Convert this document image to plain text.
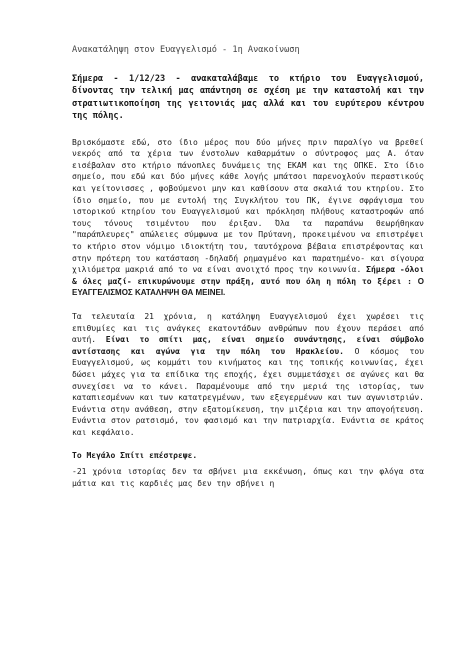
Ανακατάληψη στον Ευαγγελισμό - 1η Ανακοίνωση

Σήμερα - 1/12/23 - ανακαταλάβαμε το κτήριο του Ευαγγελισμού, δίνοντας την τελική μας απάντηση σε σχέση με την καταστολή και την στρατιωτικοποίηση της γειτονιάς μας αλλά και του ευρύτερου κέντρου της πόλης.

Βρισκόμαστε εδώ, στο ίδιο μέρος που δύο μήνες πριν παραλίγο να βρεθεί νεκρός από τα χέρια των ένστολων καθαρμάτων ο σύντροφος μας Α. όταν εισέβαλαν στο κτήριο πάνοπλες δυνάμεις της ΕΚΑΜ και της ΟΠΚΕ. Στο ίδιο σημείο, που εδώ και δύο μήνες κάθε λογής μπάτσοι παρενοχλούν περαστικούς και γείτονισσες , φοβούμενοι μην και καθίσουν στα σκαλιά του κτηρίου. Στο ίδιο σημείο, που με εντολή της Συγκλήτου του ΠΚ, έγινε σφράγισμα του ιστορικού κτηρίου του Ευαγγελισμού και πρόκληση πλήθους καταστροφών από τους τόνους τσιμέντου που έριξαν. Όλα τα παραπάνω θεωρήθηκαν "παράπλευρες" απώλειες σύμφωνα με τον Πρύτανη, προκειμένου να επιστρέψει το κτήριο στον νόμιμο ιδιοκτήτη του, ταυτόχρονα βέβαια επιστρέφοντας και στην πρότερη του κατάσταση -δηλαδή ρημαγμένο και παρατημένο- και σίγουρα χιλιόμετρα μακριά από το να είναι ανοιχτό προς την κοινωνία. Σήμερα -όλοι & όλες μαζί- επικυρώνουμε στην πράξη, αυτό που όλη η πόλη το ξέρει : Ο ΕΥΑΓΓΕΛΙΣΜΟΣ ΚΑΤΑΛΗΨΗ ΘΑ ΜΕΙΝΕΙ.

Τα τελευταία 21 χρόνια, η κατάληψη Ευαγγελισμού έχει χωρέσει τις επιθυμίες και τις ανάγκες εκατοντάδων ανθρώπων που έχουν περάσει από αυτή. Είναι το σπίτι μας, είναι σημείο συνάντησης, είναι σύμβολο αντίστασης και αγώνα για την πόλη του Ηρακλείου. Ο κόσμος του Ευαγγελισμού, ως κομμάτι του κινήματος και της τοπικής κοινωνίας, έχει δώσει μάχες για τα επίδικα της εποχής, έχει συμμετάσχει σε αγώνες και θα συνεχίσει να το κάνει. Παραμένουμε από την μεριά της ιστορίας, των καταπιεσμένων και των κατατρεγμένων, των εξεγερμένων και των αγωνιστριών. Ενάντια στην ανάθεση, στην εξατομίκευση, την μιζέρια και την απογοήτευση. Ενάντια στον ρατσισμό, τον φασισμό και την πατριαρχία. Ενάντια σε κράτος και κεφάλαιο.

Το Μεγάλο Σπίτι επέστρεψε.

-21 χρόνια ιστορίας δεν τα σβήνει μια εκκένωση, όπως και την φλόγα στα μάτια και τις καρδιές μας δεν την σβήνει η
